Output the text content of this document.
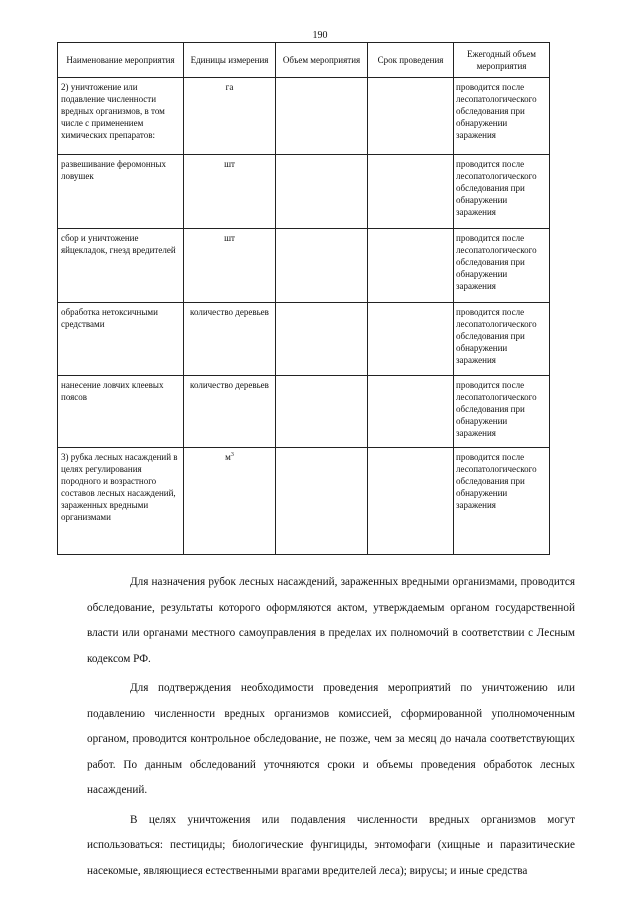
190
Наименование мероприятия	Единицы измерения	Объем мероприятия	Срок проведения	Ежегодный объем мероприятия
2) уничтожение или подавление численности вредных организмов, в том числе с применением химических препаратов:	га			проводится после лесопатологического обследования при обнаружении заражения
развешивание феромонных ловушек	шт			проводится после лесопатологического обследования при обнаружении заражения
сбор и уничтожение яйцекладок, гнезд вредителей	шт			проводится после лесопатологического обследования при обнаружении заражения
обработка нетоксичными средствами	количество деревьев			проводится после лесопатологического обследования при обнаружении заражения
нанесение ловчих клеевых поясов	количество деревьев			проводится после лесопатологического обследования при обнаружении заражения
3) рубка лесных насаждений в целях регулирования породного и возрастного составов лесных насаждений, зараженных вредными организмами	$м^3$			проводится после лесопатологического обследования при обнаружении заражения

Для назначения рубок лесных насаждений, зараженных вредными организмами, проводится обследование, результаты которого оформляются актом, утверждаемым органом государственной власти или органами местного самоуправления в пределах их полномочий в соответствии с Лесным кодексом РФ.

Для подтверждения необходимости проведения мероприятий по уничтожению или подавлению численности вредных организмов комиссией, сформированной уполномоченным органом, проводится контрольное обследование, не позже, чем за месяц до начала соответствующих работ. По данным обследований уточняются сроки и объемы проведения обработок лесных насаждений.

В целях уничтожения или подавления численности вредных организмов могут использоваться: пестициды; биологические фунгициды, энтомофаги (хищные и паразитические насекомые, являющиеся естественными врагами вредителей леса); вирусы; и иные средства
